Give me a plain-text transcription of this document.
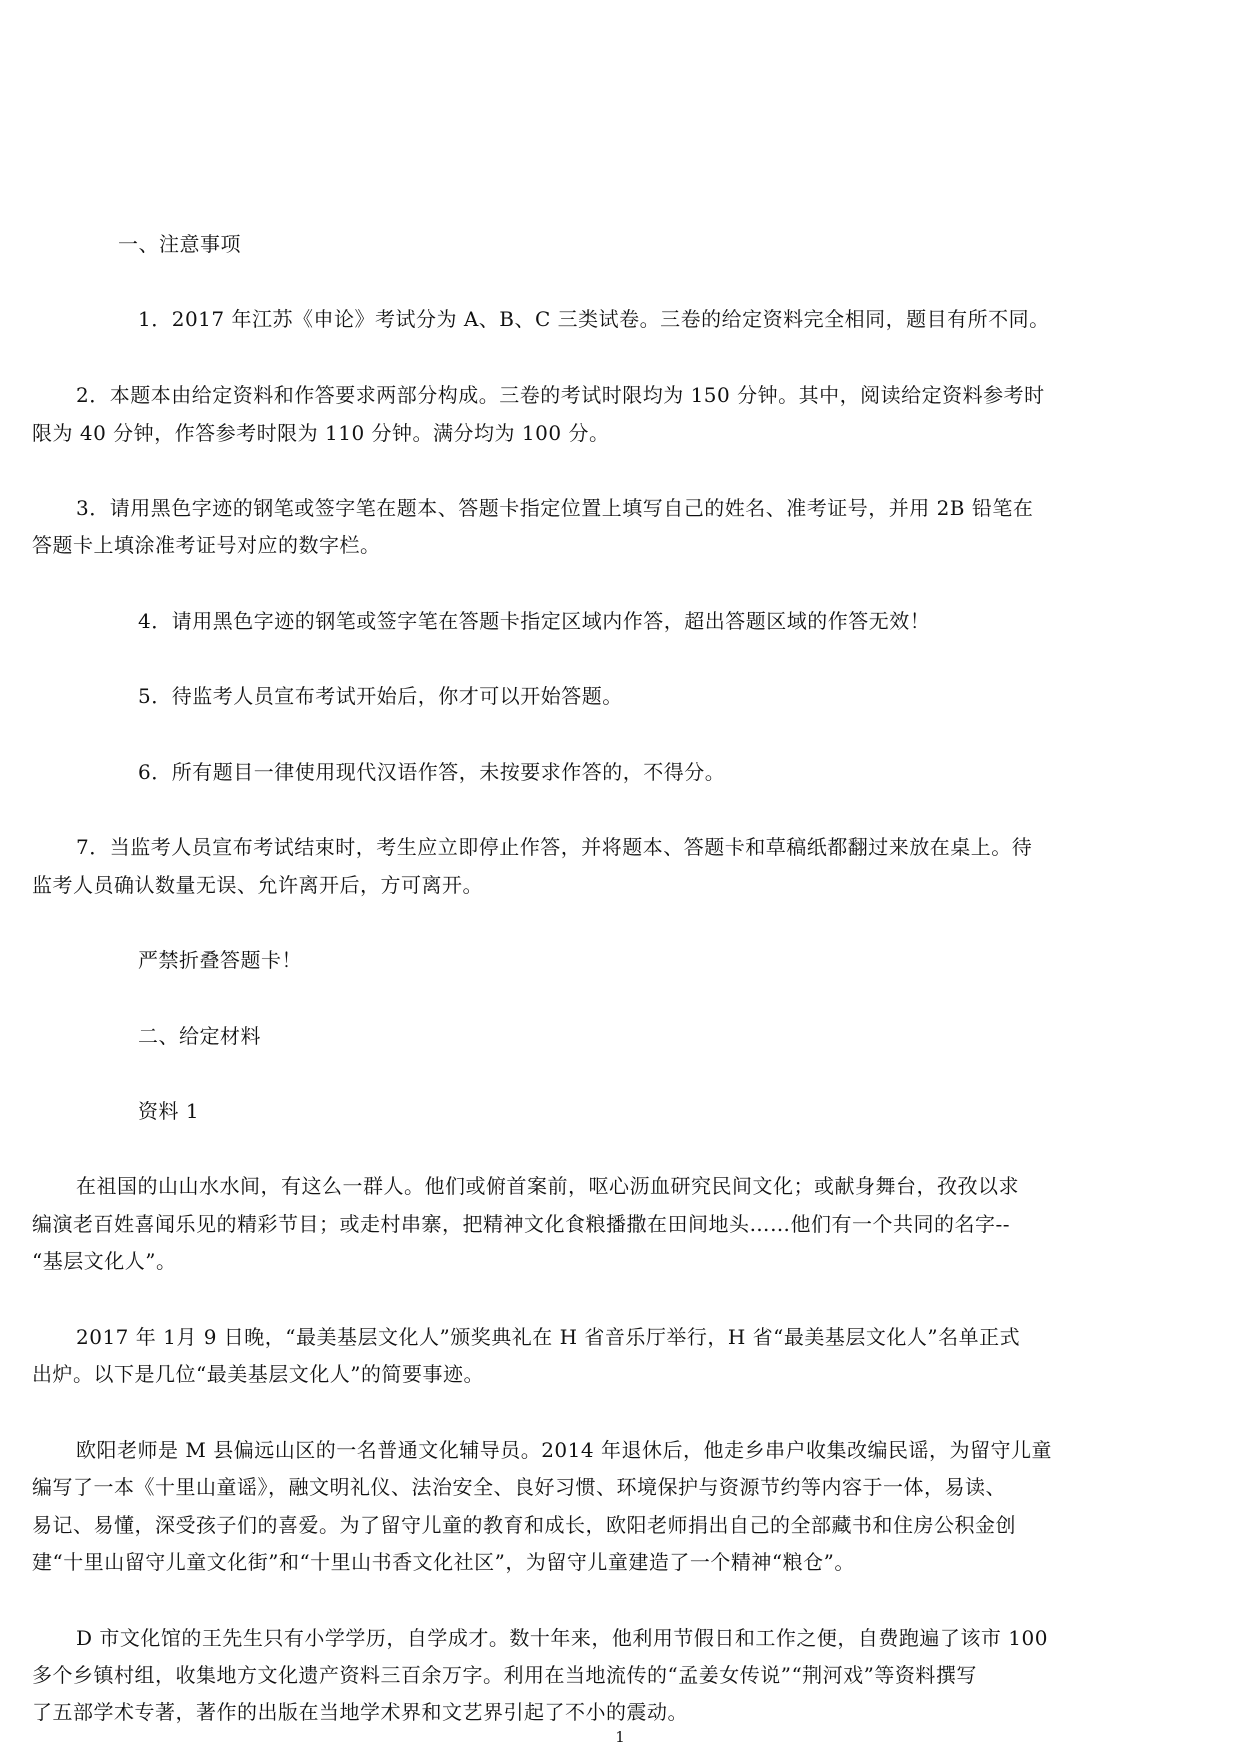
一、注意事项
1．2017 年江苏《申论》考试分为 A、B、C 三类试卷。三卷的给定资料完全相同，题目有所不同。
2．本题本由给定资料和作答要求两部分构成。三卷的考试时限均为 150 分钟。其中，阅读给定资料参考时
限为 40 分钟，作答参考时限为 110 分钟。满分均为 100 分。
3．请用黑色字迹的钢笔或签字笔在题本、答题卡指定位置上填写自己的姓名、准考证号，并用 2B 铅笔在
答题卡上填涂准考证号对应的数字栏。
4．请用黑色字迹的钢笔或签字笔在答题卡指定区域内作答，超出答题区域的作答无效！
5．待监考人员宣布考试开始后，你才可以开始答题。
6．所有题目一律使用现代汉语作答，未按要求作答的，不得分。
7．当监考人员宣布考试结束时，考生应立即停止作答，并将题本、答题卡和草稿纸都翻过来放在桌上。待
监考人员确认数量无误、允许离开后，方可离开。
严禁折叠答题卡！
二、给定材料
资料 1
在祖国的山山水水间，有这么一群人。他们或俯首案前，呕心沥血研究民间文化；或献身舞台，孜孜以求
编演老百姓喜闻乐见的精彩节目；或走村串寨，把精神文化食粮播撒在田间地头……他们有一个共同的名字--
“基层文化人”。
2017 年 1月 9 日晚，“最美基层文化人”颁奖典礼在 H 省音乐厅举行，H 省“最美基层文化人”名单正式
出炉。以下是几位“最美基层文化人”的简要事迹。
欧阳老师是 M 县偏远山区的一名普通文化辅导员。2014 年退休后，他走乡串户收集改编民谣，为留守儿童
编写了一本《十里山童谣》，融文明礼仪、法治安全、良好习惯、环境保护与资源节约等内容于一体，易读、
易记、易懂，深受孩子们的喜爱。为了留守儿童的教育和成长，欧阳老师捐出自己的全部藏书和住房公积金创
建“十里山留守儿童文化街”和“十里山书香文化社区”，为留守儿童建造了一个精神“粮仓”。
D 市文化馆的王先生只有小学学历，自学成才。数十年来，他利用节假日和工作之便，自费跑遍了该市 100
多个乡镇村组，收集地方文化遗产资料三百余万字。利用在当地流传的“孟姜女传说”“荆河戏”等资料撰写
了五部学术专著，著作的出版在当地学术界和文艺界引起了不小的震动。
1
